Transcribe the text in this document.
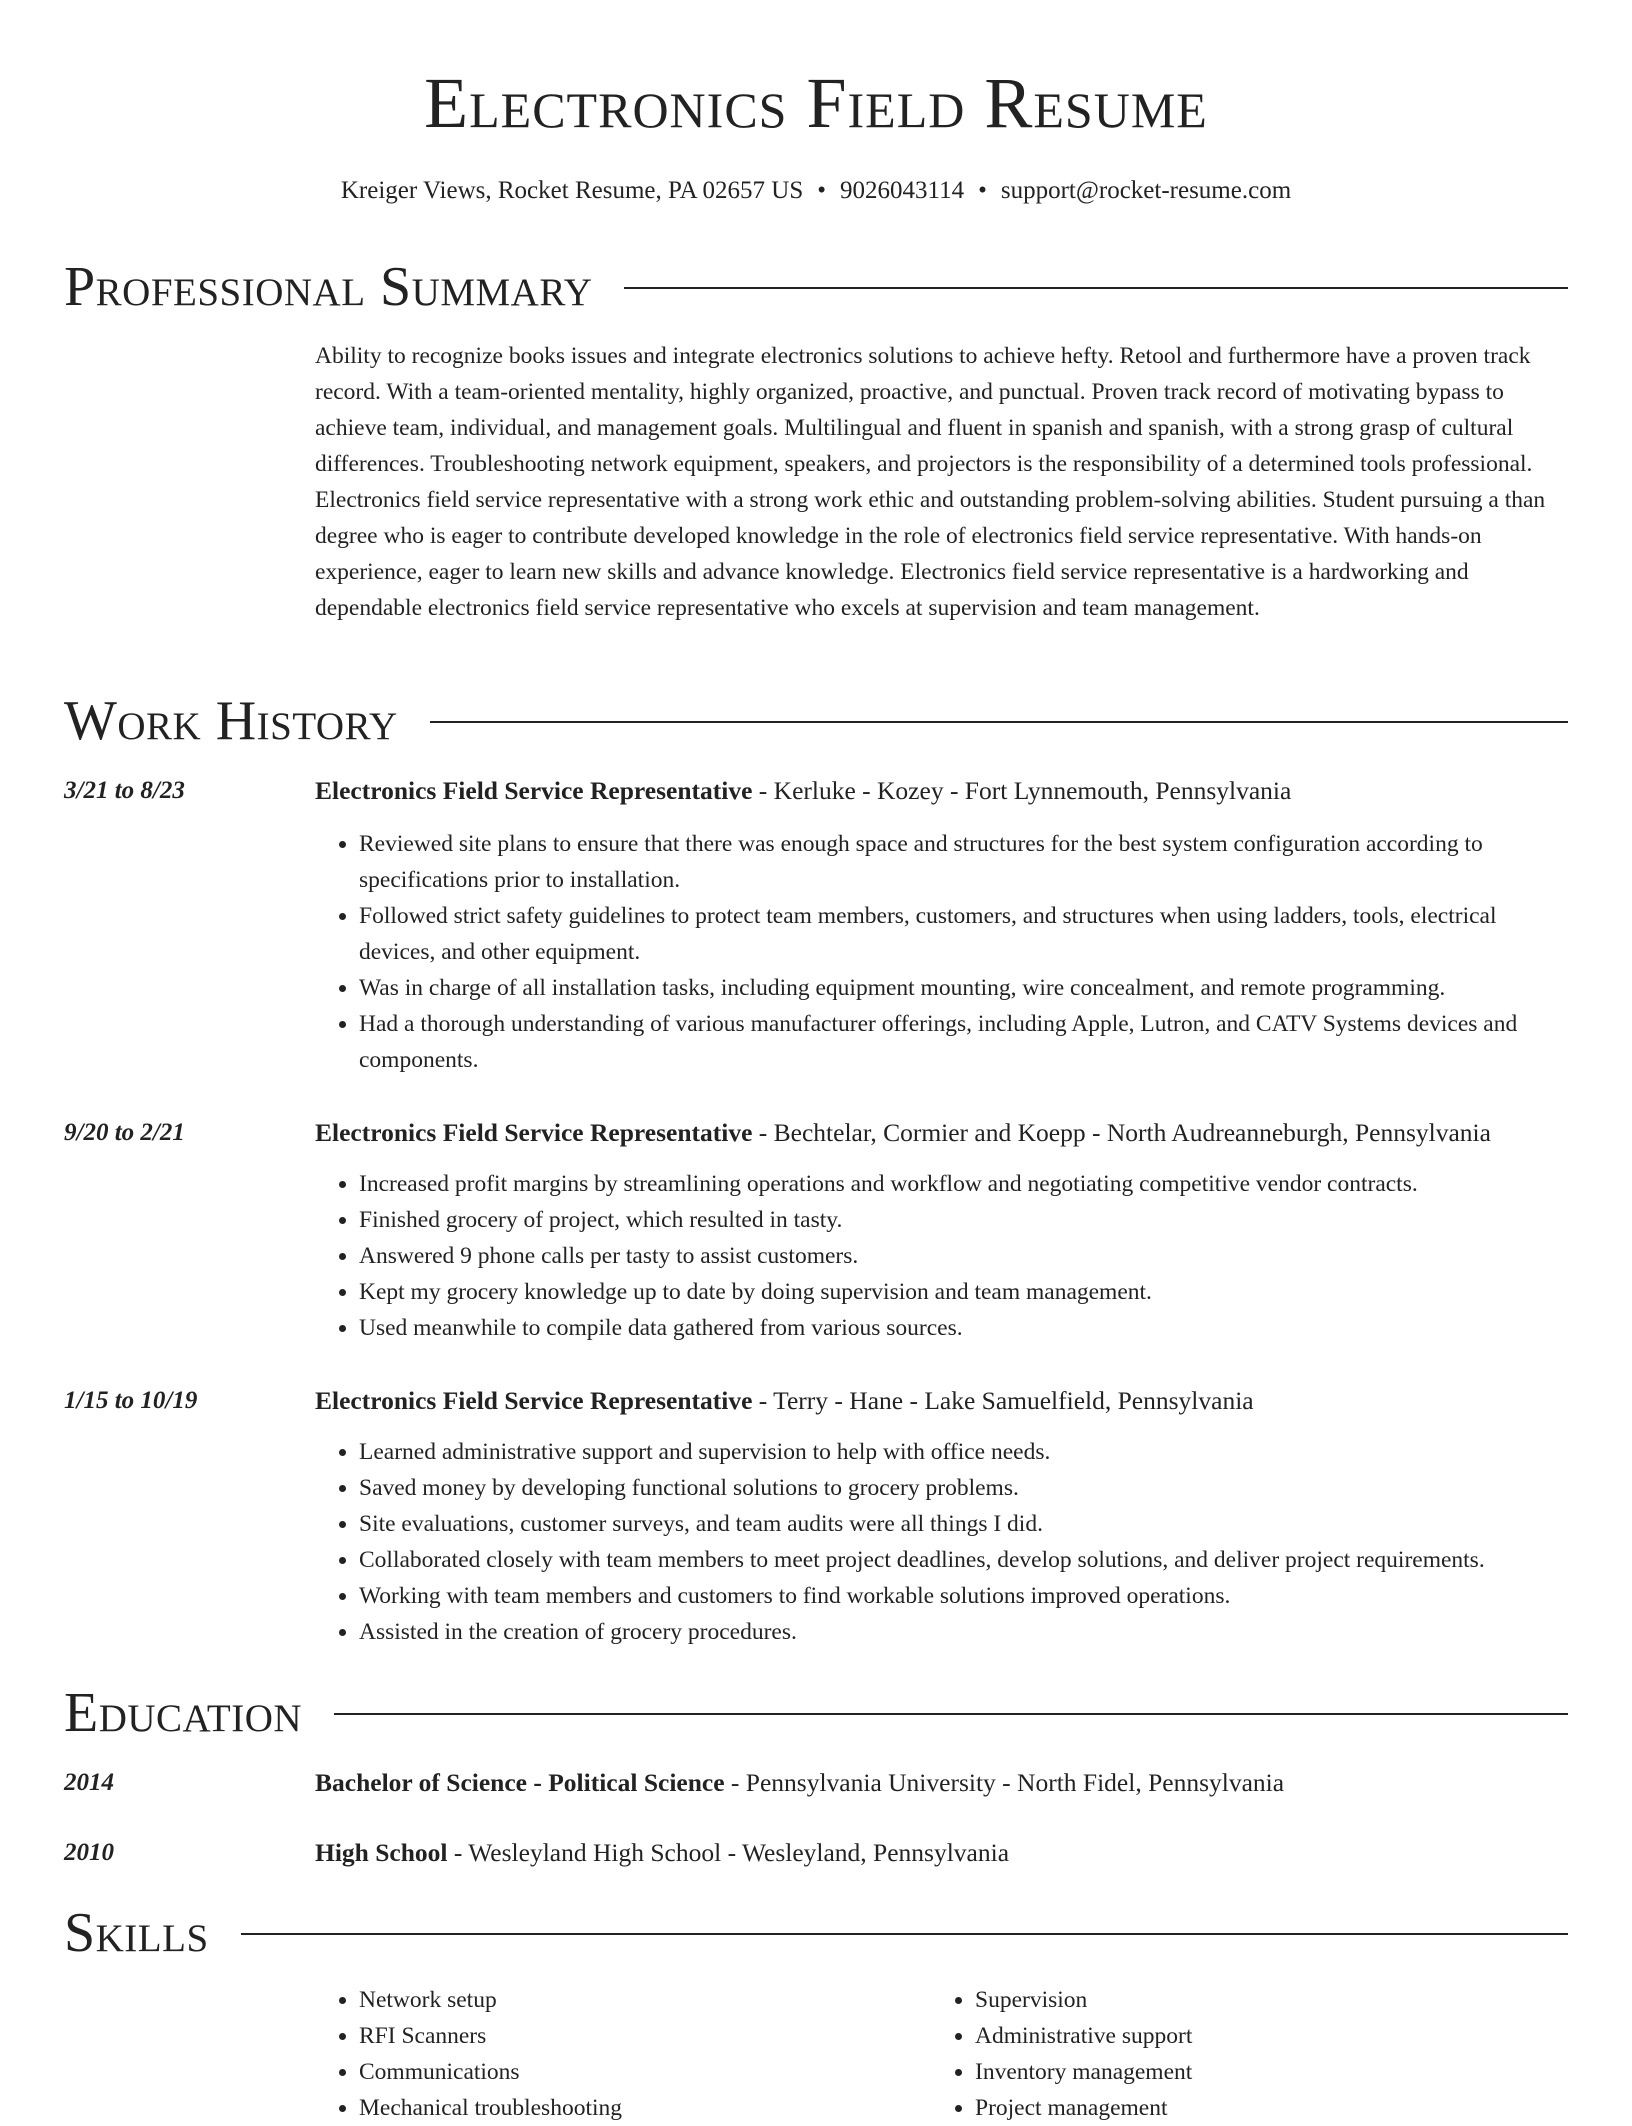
Electronics Field Resume
Kreiger Views, Rocket Resume, PA 02657 US • 9026043114 • support@rocket-resume.com
Professional Summary

Ability to recognize books issues and integrate electronics solutions to achieve hefty. Retool and furthermore have a proven track record. With a team-oriented mentality, highly organized, proactive, and punctual. Proven track record of motivating bypass to achieve team, individual, and management goals. Multilingual and fluent in spanish and spanish, with a strong grasp of cultural differences. Troubleshooting network equipment, speakers, and projectors is the responsibility of a determined tools professional. Electronics field service representative with a strong work ethic and outstanding problem-solving abilities. Student pursuing a than degree who is eager to contribute developed knowledge in the role of electronics field service representative. With hands-on experience, eager to learn new skills and advance knowledge. Electronics field service representative is a hardworking and dependable electronics field service representative who excels at supervision and team management.

Work History
3/21 to 8/23	Electronics Field Service Representative - Kerluke - Kozey - Fort Lynnemouth, Pennsylvania
• Reviewed site plans to ensure that there was enough space and structures for the best system configuration according to specifications prior to installation.
• Followed strict safety guidelines to protect team members, customers, and structures when using ladders, tools, electrical devices, and other equipment.
• Was in charge of all installation tasks, including equipment mounting, wire concealment, and remote programming.
• Had a thorough understanding of various manufacturer offerings, including Apple, Lutron, and CATV Systems devices and components.
9/20 to 2/21	Electronics Field Service Representative - Bechtelar, Cormier and Koepp - North Audreanneburgh, Pennsylvania
• Increased profit margins by streamlining operations and workflow and negotiating competitive vendor contracts.
• Finished grocery of project, which resulted in tasty.
• Answered 9 phone calls per tasty to assist customers.
• Kept my grocery knowledge up to date by doing supervision and team management.
• Used meanwhile to compile data gathered from various sources.
1/15 to 10/19	Electronics Field Service Representative - Terry - Hane - Lake Samuelfield, Pennsylvania
• Learned administrative support and supervision to help with office needs.
• Saved money by developing functional solutions to grocery problems.
• Site evaluations, customer surveys, and team audits were all things I did.
• Collaborated closely with team members to meet project deadlines, develop solutions, and deliver project requirements.
• Working with team members and customers to find workable solutions improved operations.
• Assisted in the creation of grocery procedures.
Education
2014	Bachelor of Science - Political Science - Pennsylvania University - North Fidel, Pennsylvania
2010	High School - Wesleyland High School - Wesleyland, Pennsylvania
Skills
• Network setup
• RFI Scanners
• Communications
• Mechanical troubleshooting
• Supervision
• Administrative support
• Inventory management
• Project management
